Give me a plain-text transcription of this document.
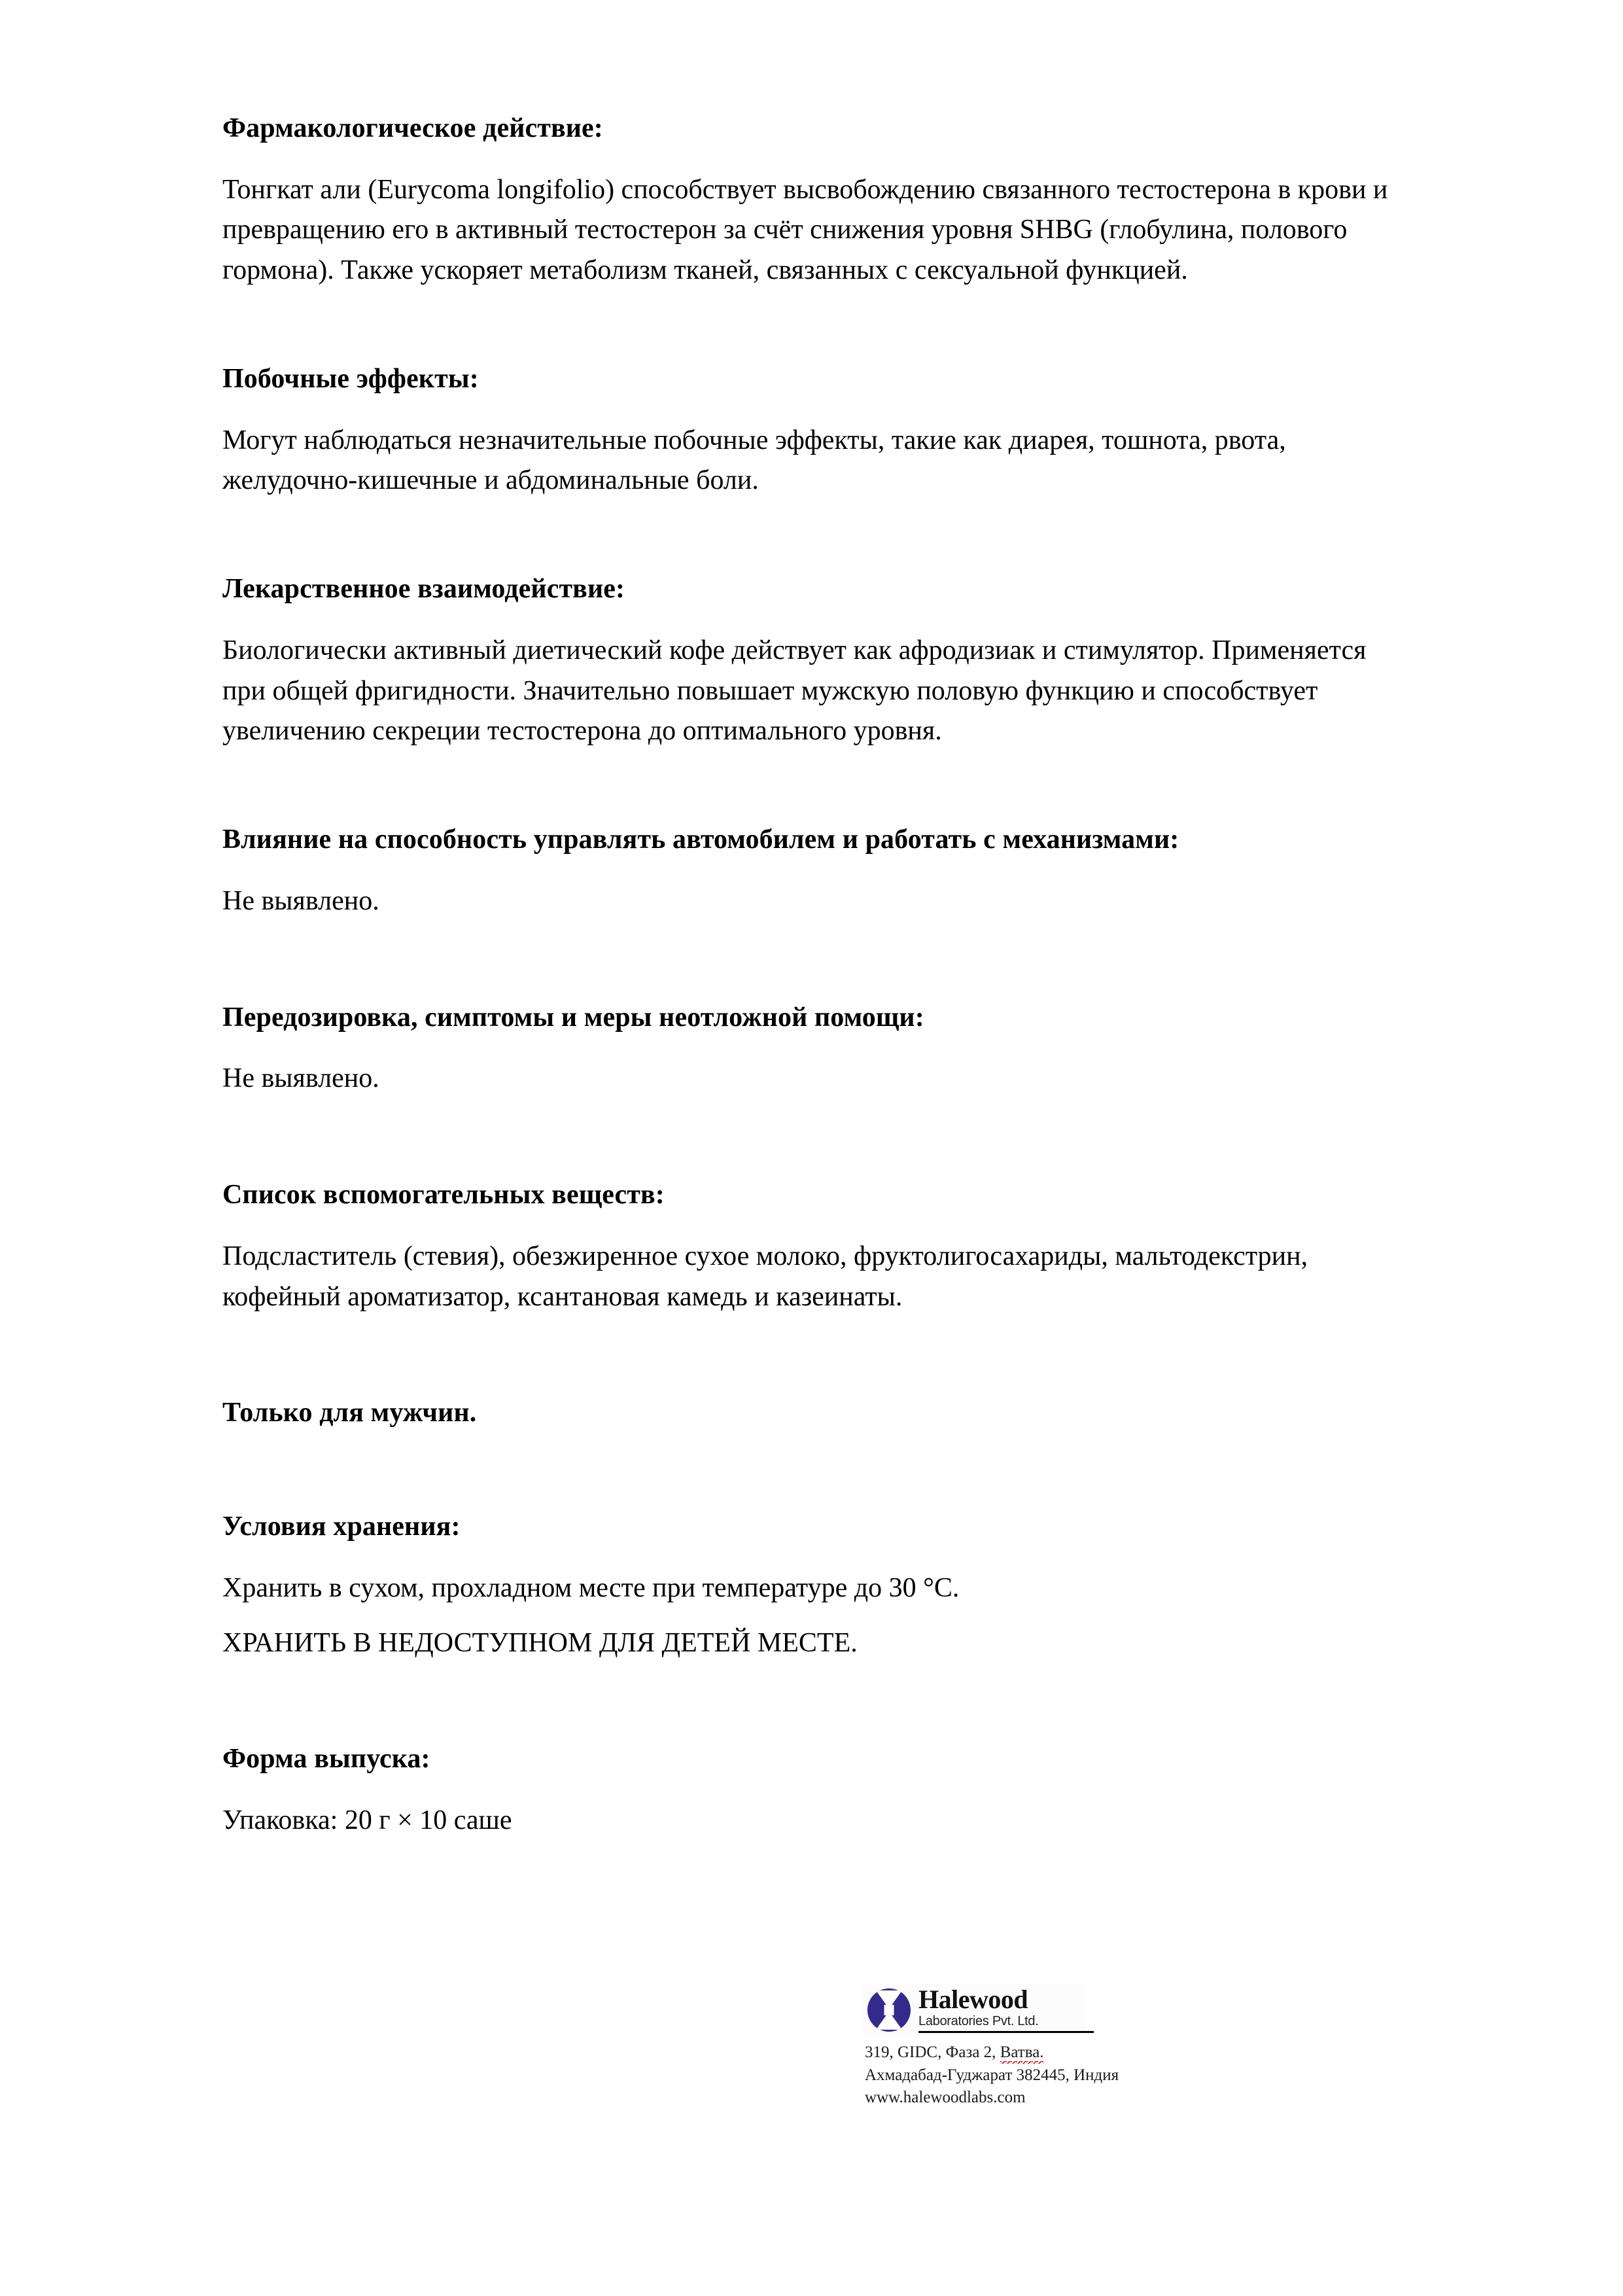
Фармакологическое действие:

Тонгкат али (Eurycoma longifolio) способствует высвобождению связанного тестостерона в крови и превращению его в активный тестостерон за счёт снижения уровня SHBG (глобулина, полового гормона). Также ускоряет метаболизм тканей, связанных с сексуальной функцией.

Побочные эффекты:

Могут наблюдаться незначительные побочные эффекты, такие как диарея, тошнота, рвота, желудочно-кишечные и абдоминальные боли.

Лекарственное взаимодействие:

Биологически активный диетический кофе действует как афродизиак и стимулятор. Применяется при общей фригидности. Значительно повышает мужскую половую функцию и способствует увеличению секреции тестостерона до оптимального уровня.

Влияние на способность управлять автомобилем и работать с механизмами:

Не выявлено.

Передозировка, симптомы и меры неотложной помощи:

Не выявлено.

Список вспомогательных веществ:

Подсластитель (стевия), обезжиренное сухое молоко, фруктолигосахариды, мальтодекстрин, кофейный ароматизатор, ксантановая камедь и казеинаты.

Только для мужчин.

Условия хранения:

Хранить в сухом, прохладном месте при температуре до 30 °C.

ХРАНИТЬ В НЕДОСТУПНОМ ДЛЯ ДЕТЕЙ МЕСТЕ.

Форма выпуска:

Упаковка: 20 г × 10 саше

Halewood
Laboratories Pvt. Ltd.
319, GIDC, Фаза 2, Ватва.
Ахмадабад-Гуджарат 382445, Индия
www.halewoodlabs.com
